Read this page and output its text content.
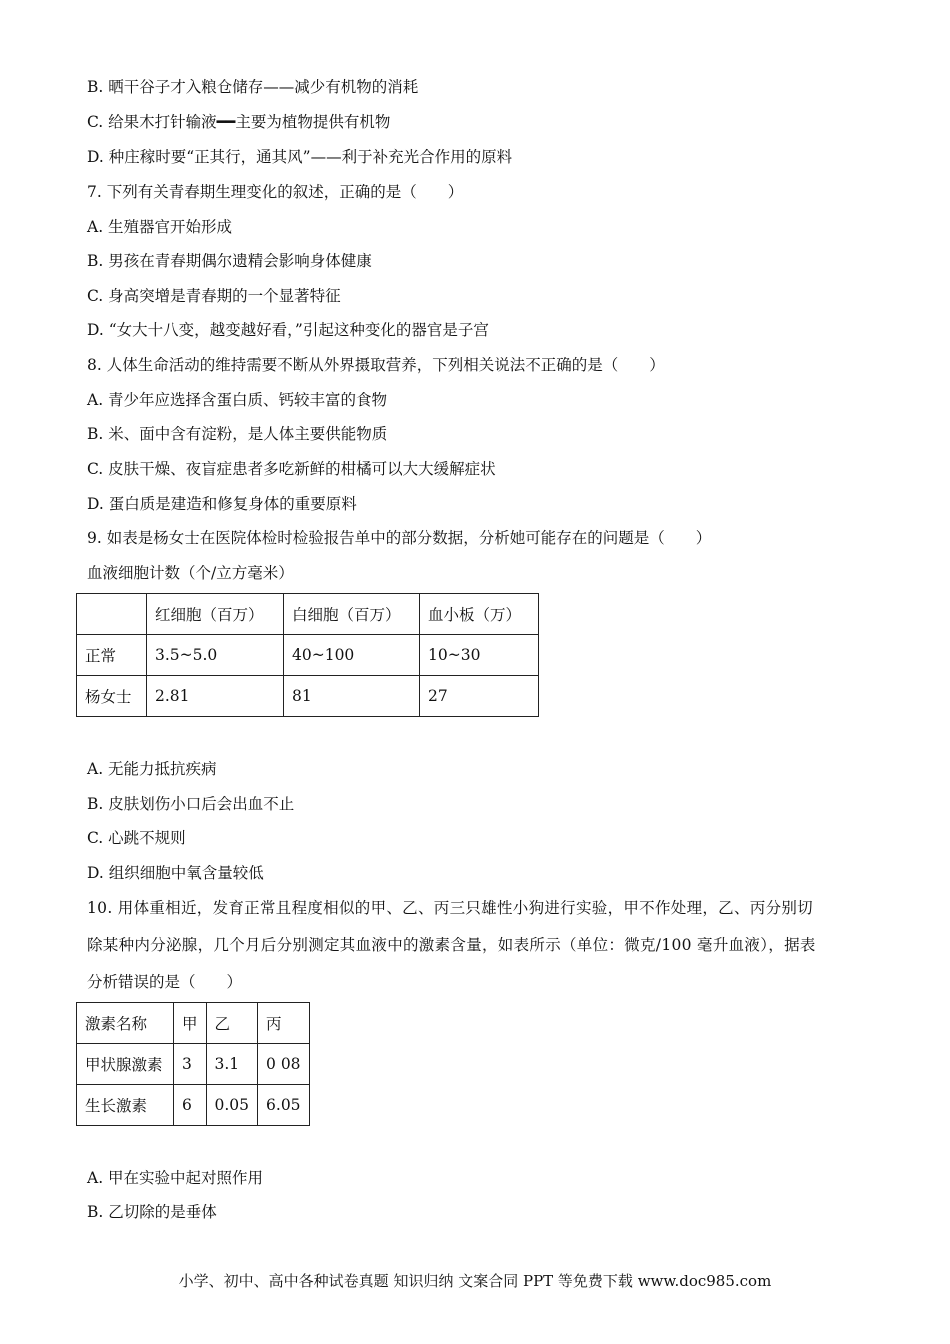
B. 晒干谷子才入粮仓储存——减少有机物的消耗
C. 给果木打针输液━━主要为植物提供有机物
D. 种庄稼时要“正其行，通其风”——利于补充光合作用的原料
7. 下列有关青春期生理变化的叙述，正确的是（　　）
A. 生殖器官开始形成
B. 男孩在青春期偶尔遗精会影响身体健康
C. 身高突增是青春期的一个显著特征
D. “女大十八变，越变越好看，”引起这种变化的器官是子宫
8. 人体生命活动的维持需要不断从外界摄取营养，下列相关说法不正确的是（　　）
A. 青少年应选择含蛋白质、钙较丰富的食物
B. 米、面中含有淀粉，是人体主要供能物质
C. 皮肤干燥、夜盲症患者多吃新鲜的柑橘可以大大缓解症状
D. 蛋白质是建造和修复身体的重要原料
9. 如表是杨女士在医院体检时检验报告单中的部分数据，分析她可能存在的问题是（　　）
血液细胞计数（个/立方毫米）
	红细胞（百万）	白细胞（百万）	血小板（万）
正常	3.5~5.0	40~100	10~30
杨女士	2.81	81	27
A. 无能力抵抗疾病
B. 皮肤划伤小口后会出血不止
C. 心跳不规则
D. 组织细胞中氧含量较低
10. 用体重相近，发育正常且程度相似的甲、乙、丙三只雄性小狗进行实验，甲不作处理，乙、丙分别切
除某种内分泌腺，几个月后分别测定其血液中的激素含量，如表所示（单位：微克/100 毫升血液），据表
分析错误的是（　　）
激素名称	甲	乙	丙
甲状腺激素	3	3.1	0 08
生长激素	6	0.05	6.05
A. 甲在实验中起对照作用
B. 乙切除的是垂体
小学、初中、高中各种试卷真题 知识归纳 文案合同 PPT 等免费下载 www.doc985.com
